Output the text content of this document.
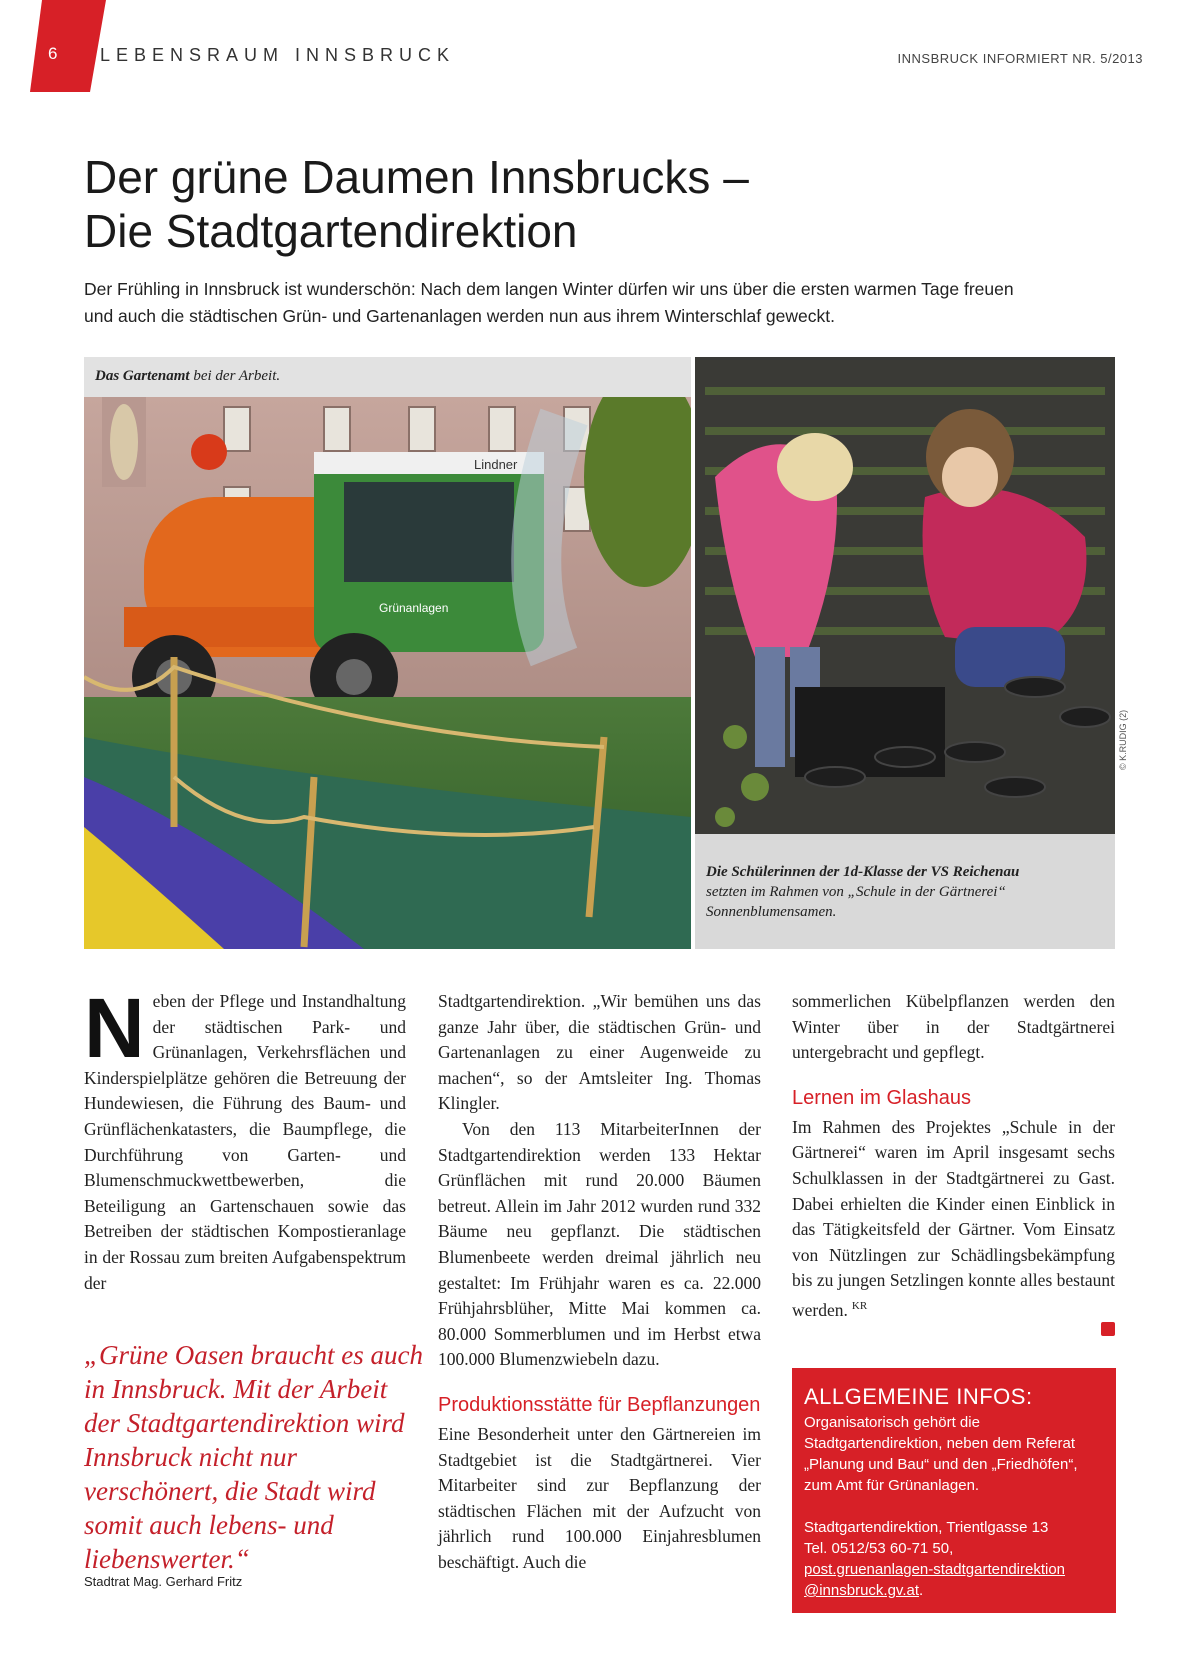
6 LEBENSRAUM INNSBRUCK	INNSBRUCK INFORMIERT NR. 5/2013
Der grüne Daumen Innsbrucks –
Die Stadtgartendirektion

Der Frühling in Innsbruck ist wunderschön: Nach dem langen Winter dürfen wir uns über die ersten warmen Tage freuen und auch die städtischen Grün- und Gartenanlagen werden nun aus ihrem Winterschlaf geweckt.

Lindner
Grünanlagen
Das Gartenamt bei der Arbeit.
Die Schülerinnen der 1d-Klasse der VS Reichenau
setzten im Rahmen von „Schule in der Gärtnerei“ Sonnenblumensamen.
© K.RUDIG (2)
N eben der Pflege und Instandhaltung der städtischen Park- und Grünanlagen, Verkehrsflächen und Kinderspielplätze gehören die Betreuung der Hundewiesen, die Führung des Baum- und Grünflächenkatasters, die Baumpflege, die Durchführung von Garten- und Blumenschmuckwettbewerben, die Beteiligung an Gartenschauen sowie das Betreiben der städtischen Kompostieranlage in der Rossau zum breiten Aufgabenspektrum der

Stadtgartendirektion. „Wir bemühen uns das ganze Jahr über, die städtischen Grün- und Gartenanlagen zu einer Augenweide zu machen“, so der Amtsleiter Ing. Thomas Klingler.

Von den 113 MitarbeiterInnen der Stadtgartendirektion werden 133 Hektar Grünflächen mit rund 20.000 Bäumen betreut. Allein im Jahr 2012 wurden rund 332 Bäume neu gepflanzt. Die städtischen Blumenbeete werden dreimal jährlich neu gestaltet: Im Frühjahr waren es ca. 22.000 Frühjahrsblüher, Mitte Mai kommen ca. 80.000 Sommerblumen und im Herbst etwa 100.000 Blumenzwiebeln dazu.

Produktionsstätte für Bepflanzungen

Eine Besonderheit unter den Gärtnereien im Stadtgebiet ist die Stadtgärtnerei. Vier Mitarbeiter sind zur Bepflanzung der städtischen Flächen mit der Aufzucht von jährlich rund 100.000 Einjahresblumen beschäftigt. Auch die

sommerlichen Kübelpflanzen werden den Winter über in der Stadtgärtnerei untergebracht und gepflegt.

Lernen im Glashaus

Im Rahmen des Projektes „Schule in der Gärtnerei“ waren im April insgesamt sechs Schulklassen in der Stadtgärtnerei zu Gast. Dabei erhielten die Kinder einen Einblick in das Tätigkeitsfeld der Gärtner. Vom Einsatz von Nützlingen zur Schädlingsbekämpfung bis zu jungen Setzlingen konnte alles bestaunt werden. $^{KR}$

„Grüne Oasen braucht es auch in Innsbruck. Mit der Arbeit der Stadtgartendirektion wird Innsbruck nicht nur verschönert, die Stadt wird somit auch lebens- und liebenswerter.“

Stadtrat Mag. Gerhard Fritz
ALLGEMEINE INFOS:

Organisatorisch gehört die Stadtgartendirektion, neben dem Referat „Planung und Bau“ und den „Friedhöfen“, zum Amt für Grünanlagen.

Stadtgartendirektion, Trientlgasse 13
Tel. 0512/53 60-71 50,
post.gruenanlagen-stadtgartendirektion
@innsbruck.gv.at.
